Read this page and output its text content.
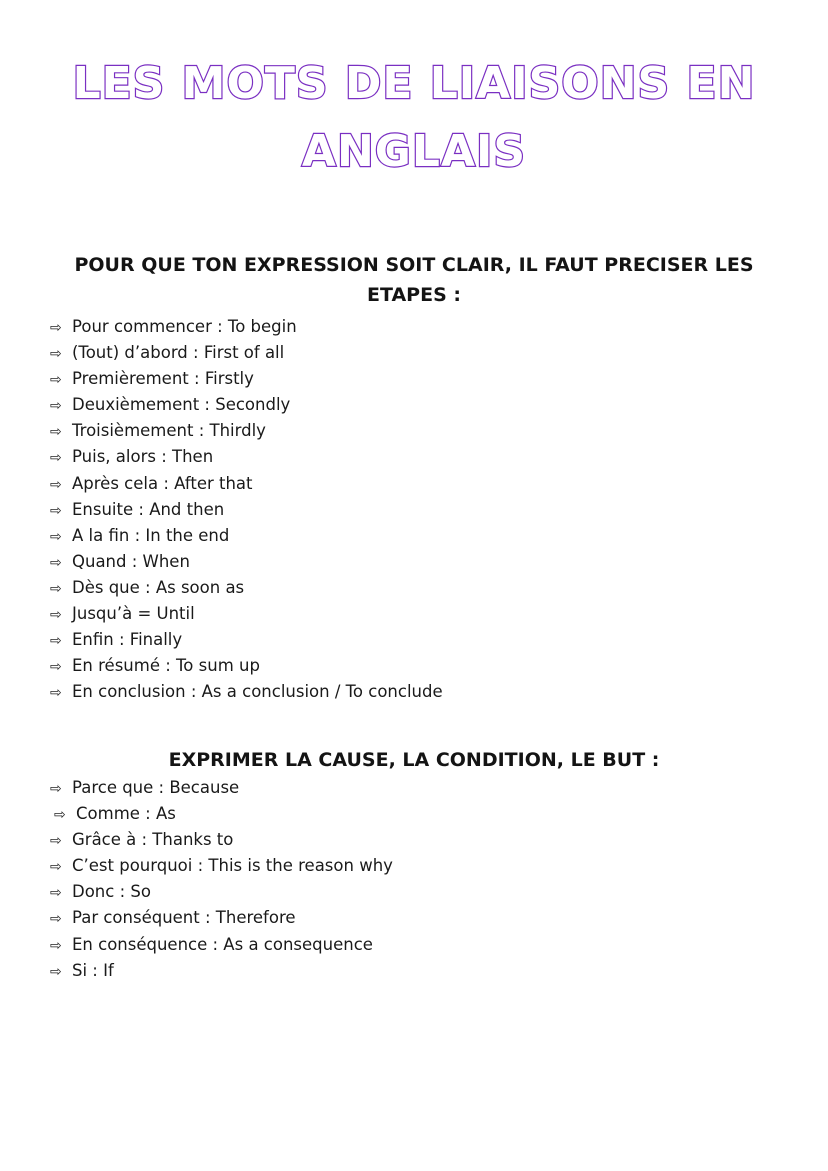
LES MOTS DE LIAISONS EN
ANGLAIS
POUR QUE TON EXPRESSION SOIT CLAIR, IL FAUT PRECISER LES
ETAPES :
⇨ Pour commencer : To begin
⇨ (Tout) d’abord : First of all
⇨ Premièrement : Firstly
⇨ Deuxièmement : Secondly
⇨ Troisièmement : Thirdly
⇨ Puis, alors : Then
⇨ Après cela : After that
⇨ Ensuite : And then
⇨ A la fin : In the end
⇨ Quand : When
⇨ Dès que : As soon as
⇨ Jusqu’à = Until
⇨ Enfin : Finally
⇨ En résumé : To sum up
⇨ En conclusion : As a conclusion / To conclude
EXPRIMER LA CAUSE, LA CONDITION, LE BUT :
⇨ Parce que : Because
⇨ Comme : As
⇨ Grâce à : Thanks to
⇨ C’est pourquoi : This is the reason why
⇨ Donc : So
⇨ Par conséquent : Therefore
⇨ En conséquence : As a consequence
⇨ Si : If
